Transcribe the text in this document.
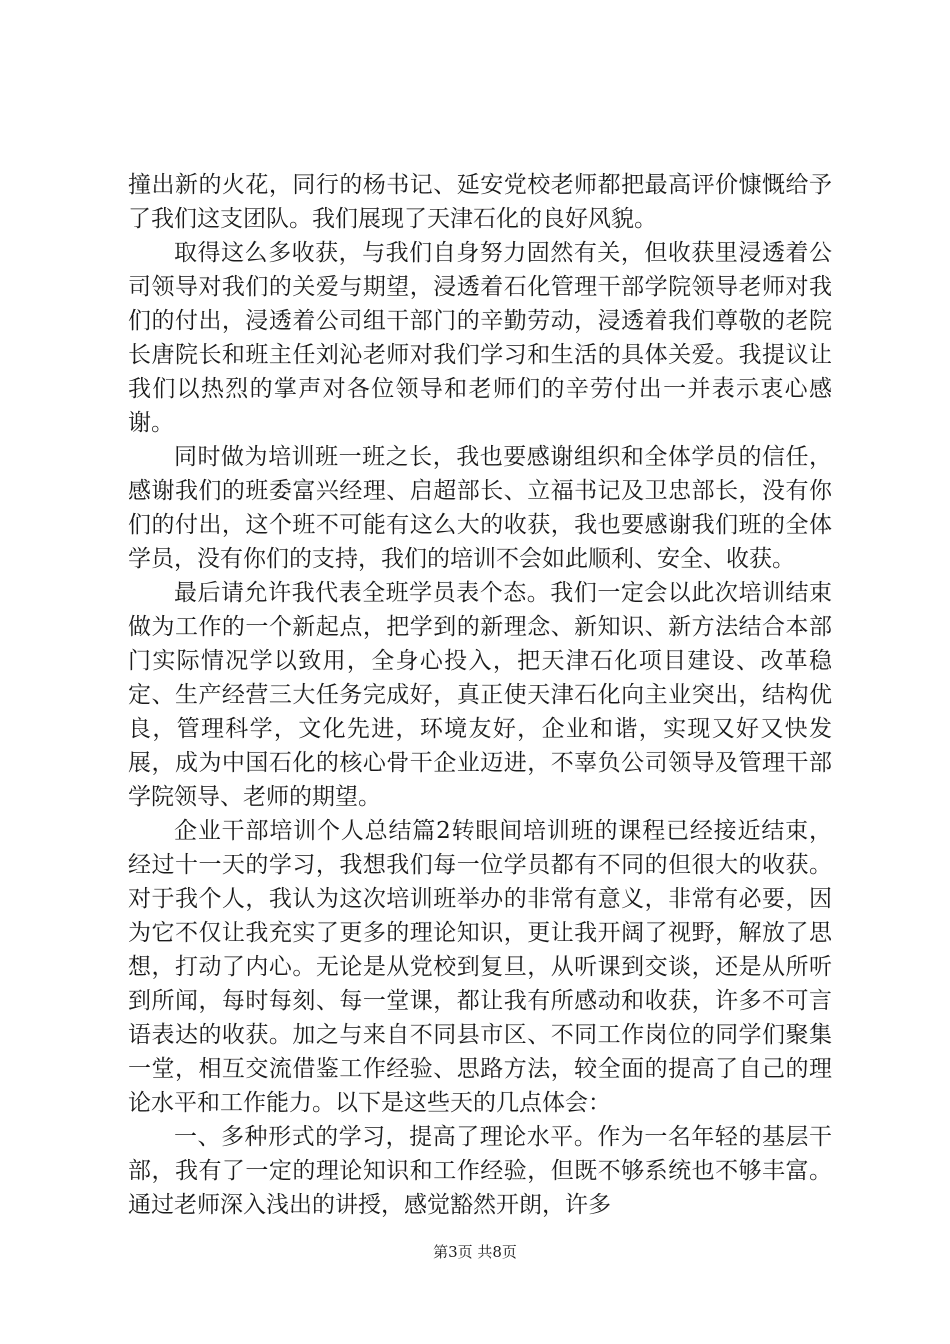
撞出新的火花，同行的杨书记、延安党校老师都把最高评价慷慨给予了我们这支团队。我们展现了天津石化的良好风貌。

取得这么多收获，与我们自身努力固然有关，但收获里浸透着公司领导对我们的关爱与期望，浸透着石化管理干部学院领导老师对我们的付出，浸透着公司组干部门的辛勤劳动，浸透着我们尊敬的老院长唐院长和班主任刘沁老师对我们学习和生活的具体关爱。我提议让我们以热烈的掌声对各位领导和老师们的辛劳付出一并表示衷心感谢。

同时做为培训班一班之长，我也要感谢组织和全体学员的信任，感谢我们的班委富兴经理、启超部长、立福书记及卫忠部长，没有你们的付出，这个班不可能有这么大的收获，我也要感谢我们班的全体学员，没有你们的支持，我们的培训不会如此顺利、安全、收获。

最后请允许我代表全班学员表个态。我们一定会以此次培训结束做为工作的一个新起点，把学到的新理念、新知识、新方法结合本部门实际情况学以致用，全身心投入，把天津石化项目建设、改革稳定、生产经营三大任务完成好，真正使天津石化向主业突出，结构优良，管理科学，文化先进，环境友好，企业和谐，实现又好又快发展，成为中国石化的核心骨干企业迈进，不辜负公司领导及管理干部学院领导、老师的期望。

企业干部培训个人总结篇2转眼间培训班的课程已经接近结束，经过十一天的学习，我想我们每一位学员都有不同的但很大的收获。对于我个人，我认为这次培训班举办的非常有意义，非常有必要，因为它不仅让我充实了更多的理论知识，更让我开阔了视野，解放了思想，打动了内心。无论是从党校到复旦，从听课到交谈，还是从所听到所闻，每时每刻、每一堂课，都让我有所感动和收获，许多不可言语表达的收获。加之与来自不同县市区、不同工作岗位的同学们聚集一堂，相互交流借鉴工作经验、思路方法，较全面的提高了自己的理论水平和工作能力。以下是这些天的几点体会：

一、多种形式的学习，提高了理论水平。作为一名年轻的基层干部，我有了一定的理论知识和工作经验，但既不够系统也不够丰富。通过老师深入浅出的讲授，感觉豁然开朗，许多

第3页 共8页
